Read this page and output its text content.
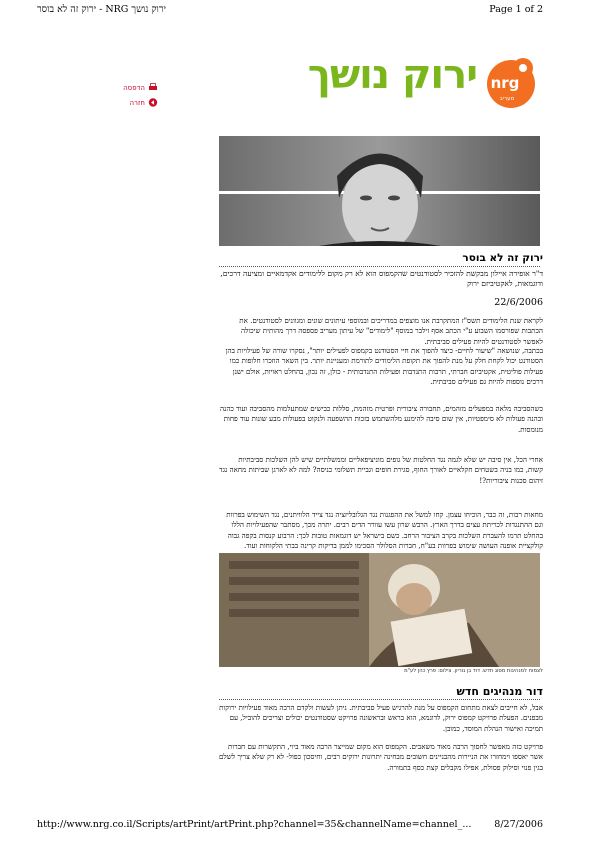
ירוק נושך NRG - ירוק זה לא בוסר	Page 1 of 2
הדפסה
חזרה
ירוק נושך nrg
מעריב
ירוק זה לא בוסר
ד"ר אופירה איילון מבקשת להזכיר לסטודנטים שהקמפוס הוא לא רק מקום ללימודים אקדמאיים ומציעה דרכים, ודוגמאות, לאקטיביזם ירוק
22/6/2006
לקראת שנת הלימודים תשס"ז המתקרבת אנו מוצפים במדריכים ובמוספי עיתונים שונים ומגוונים לסטודנטים. את הכתבות שפורסמו השבוע ע"י הכתב אסף זילבר במוסף "לימודים" של עיתון מעריב פספסה דרך מהותית שיכולה לאפשר לסטודנטים להיות פעילים סביבתית.
בכתבה, שנושאה "שיעור לחיים- כיצד להפוך את חיי הסטודנט בקמפוס לפעילים יותר", נסקרו שורה של פעילויות בהן הסטודנט יכול לקחת חלק על מנת להפוך את תקופת הלימודים לתורמת ומעניינת יותר. בין השאר הוזכרו חלופות כמו פעילות פוליטית, אקטיביזם חברתי, תרבות התנדבות ופעילות התנדבותית - כולן, זה נכון, בהחלט ראויות, אולם ישנן דרכים נוספות להיות גם פעילים סביבתית.
כשהסביבה מלאה במפעלים מזהמים, תחבורה ציבורית ופרטית מזהמת, סללות כבישים שמתעלמות מהסביבה ועוד כהנה וכהנה פעולות לא סימפטיות, אין שום סיבה להימנע מלהשתמש בזכות ההשפעה ולנקוט בפעולות מבע שונות עוד פחות מנומסות.
אחרי הכל, אין סיבה יש שלא לגמה נגד החלטות של גופים מוניציפאליים וממשלתיים שיש להן השלכות סביבתיות קשות, כמו בניה בשטחים חקלאיים לאורך החוף, סגירת חופים וגביית תשלומי כניסה? למה לא לארגן שביתות מחאה נגד זיהום סכנות ציבוריות?!
מחאות רבות, זה כבר, הוכיחו עצמן. קחו למשל את ההפגנות נגד הגלובליזציה נגד צייד הלוויתנים, נגד השימוש בפרוות וגם ההתנגדות לכריתת עצים בדרך הארץ. הרבש שרון עשו עוורר הדים רבים. יתרה מכך, מסתבר שהפעילויות הללו בהחלט תרמו להעברת השלכות בקרב הציבור הרחב. כשם בישראל יש דוגמאות טובות לכך: הרבוע קנסות בקפה גבוה קולקציית אופנה העושה שימוש בפרוות בע"ח, חברות הסלולר הסכימו לממן בדיקות קרינה בבתי הלקוחות ועוד.
לצמוח למנהיגות מסוג חדש. דוד בן גוריון. צילום: פרץ כהן לע"מ
דור מנהיגים חדש
אבל, לא חייבים לצאת מתחום הקמפוס על מנת להרגיש פעיל סביבתית. ניתן לעשות ולקדם הרבה מאוד פעילויות ירוקות מבפנים. הפעלת פרויקט קמפוס ירוק, לדוגמא, הוא בראש ובראשונה פרויקט שסטודנטים יכולים וצריכים להוביל, עם תמיכה ואישור הנהלת המוסד, כמובן.
פרויקט כזה מאפשר לחסוך הרבה מאוד משאבים. הקמפוס הוא מקום שמייצר הרבה מאוד ביוי, התקשרות עם חברות אשר יאספו וימחזרו את הניירות מהבניינים חשובים מבחינה יתרונות ירוקים רבים, וחיסכון כפול- לא רק שלא צריך לשלם בגין פנוי וסילוק פסולת, אפילו מקבלים קצת כסף בתמורה.
http://www.nrg.co.il/Scripts/artPrint/artPrint.php?channel=35&channelName=channel_... 8/27/2006
